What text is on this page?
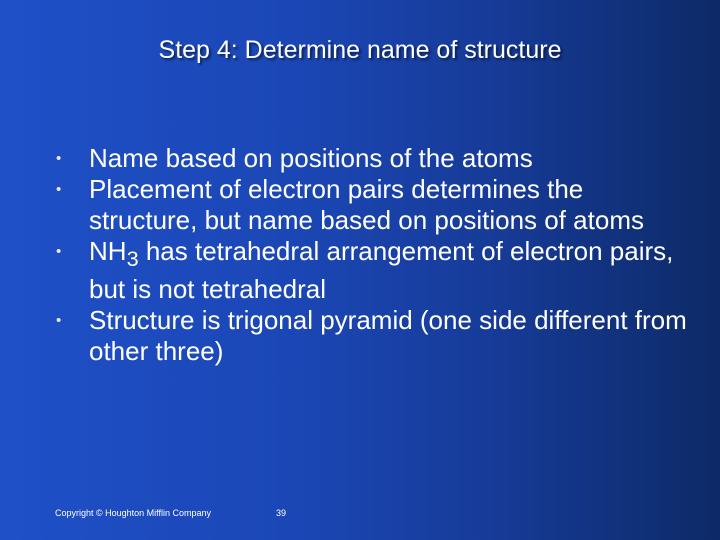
Step 4: Determine name of structure
•	Name based on positions of the atoms
•	Placement of electron pairs determines the structure, but name based on positions of atoms
•	$NH_3$ has tetrahedral arrangement of electron pairs, but is not tetrahedral
•	Structure is trigonal pyramid (one side different from other three)
Copyright © Houghton Mifflin Company	39
